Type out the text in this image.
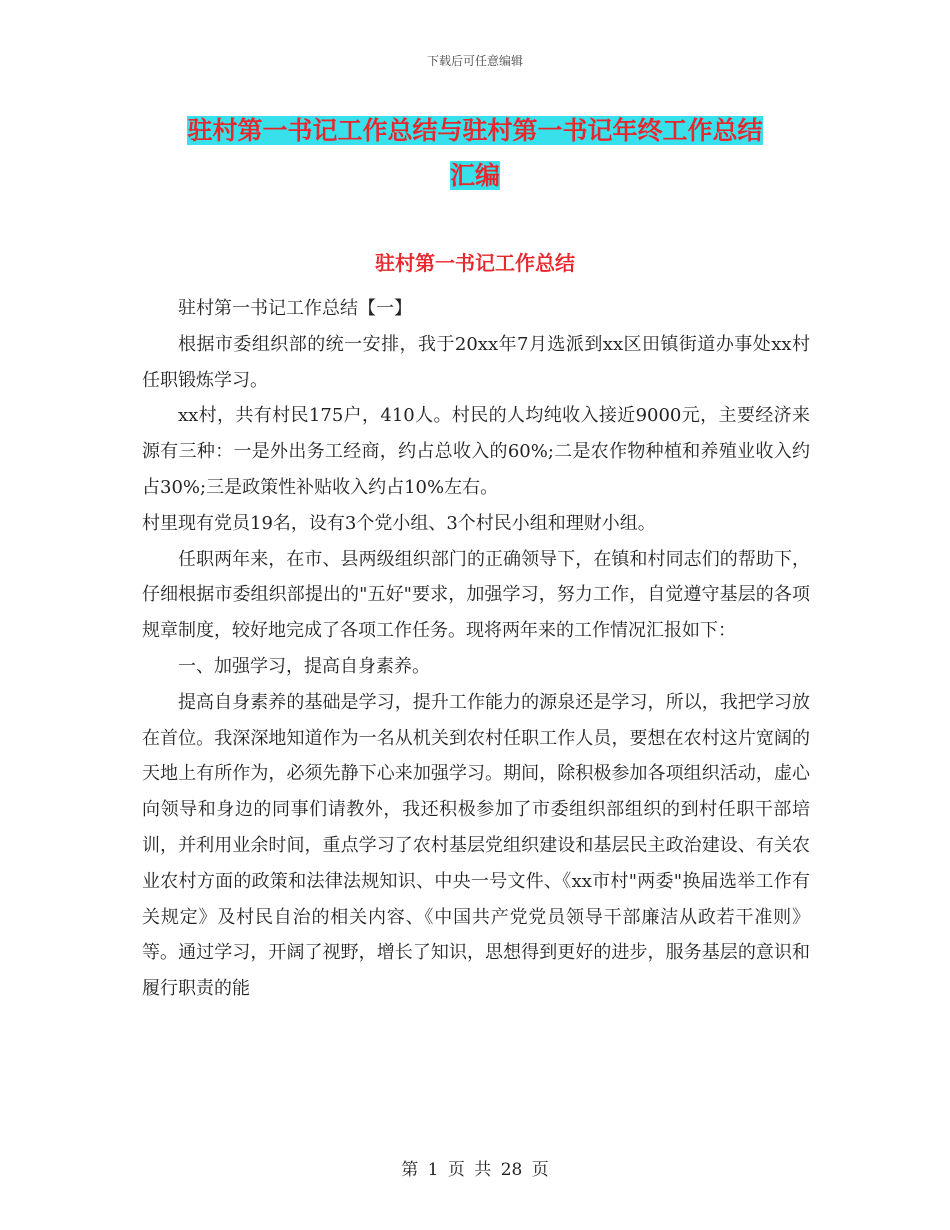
下载后可任意编辑
驻村第一书记工作总结与驻村第一书记年终工作总结
汇编
驻村第一书记工作总结

驻村第一书记工作总结【一】

根据市委组织部的统一安排，我于20xx年7月选派到xx区田镇街道办事处xx村任职锻炼学习。

xx村，共有村民175户，410人。村民的人均纯收入接近9000元，主要经济来源有三种：一是外出务工经商，约占总收入的60%;二是农作物种植和养殖业收入约占30%;三是政策性补贴收入约占10%左右。

村里现有党员19名，设有3个党小组、3个村民小组和理财小组。

任职两年来，在市、县两级组织部门的正确领导下，在镇和村同志们的帮助下，仔细根据市委组织部提出的"五好"要求，加强学习，努力工作，自觉遵守基层的各项规章制度，较好地完成了各项工作任务。现将两年来的工作情况汇报如下：

一、加强学习，提高自身素养。

提高自身素养的基础是学习，提升工作能力的源泉还是学习，所以，我把学习放在首位。我深深地知道作为一名从机关到农村任职工作人员，要想在农村这片宽阔的天地上有所作为，必须先静下心来加强学习。期间，除积极参加各项组织活动，虚心向领导和身边的同事们请教外，我还积极参加了市委组织部组织的到村任职干部培训，并利用业余时间，重点学习了农村基层党组织建设和基层民主政治建设、有关农业农村方面的政策和法律法规知识、中央一号文件、《xx市村"两委"换届选举工作有关规定》及村民自治的相关内容、《中国共产党党员领导干部廉洁从政若干准则》等。通过学习，开阔了视野，增长了知识，思想得到更好的进步，服务基层的意识和履行职责的能

第 1 页 共 28 页
